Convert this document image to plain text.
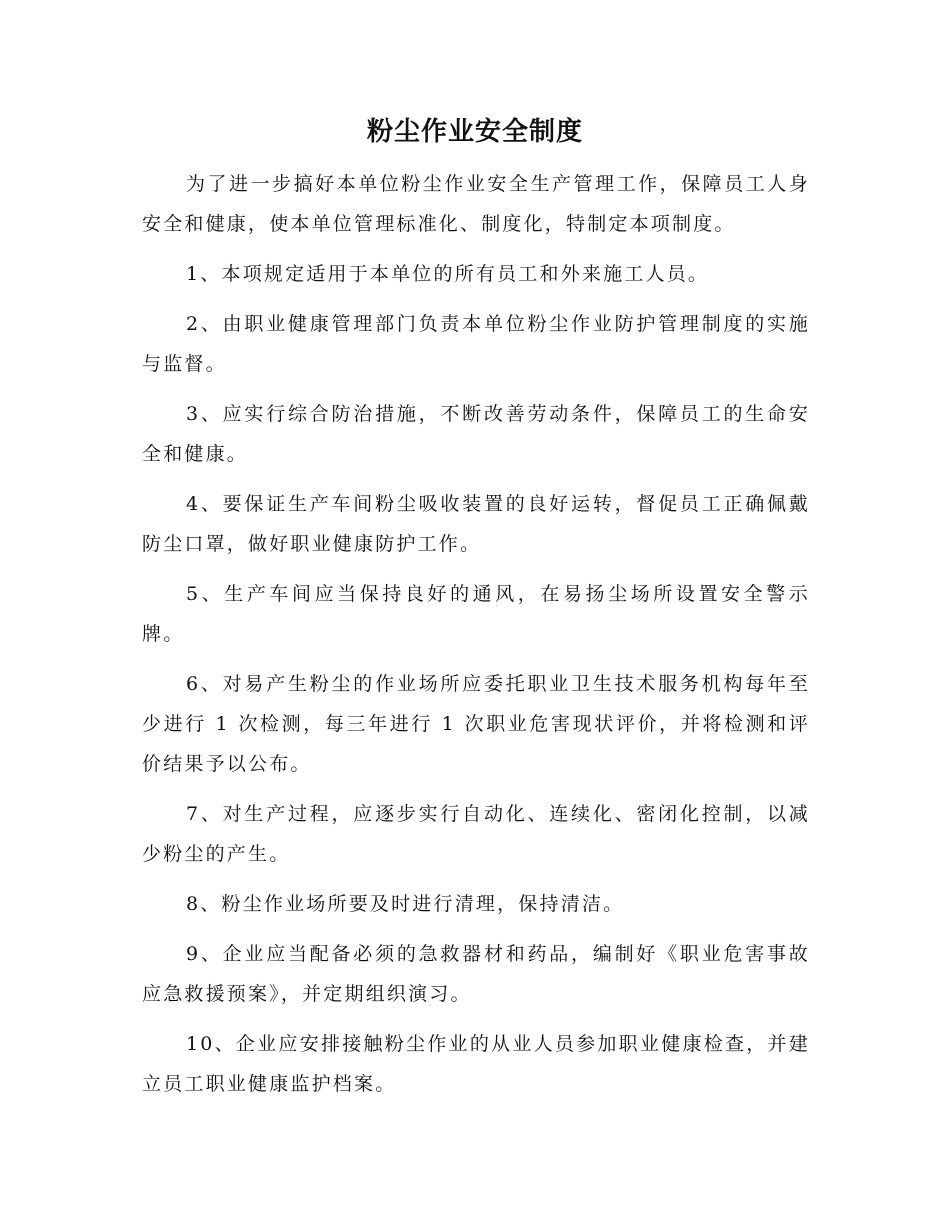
粉尘作业安全制度

为了进一步搞好本单位粉尘作业安全生产管理工作，保障员工人身安全和健康，使本单位管理标准化、制度化，特制定本项制度。

1、本项规定适用于本单位的所有员工和外来施工人员。

2、由职业健康管理部门负责本单位粉尘作业防护管理制度的实施与监督。

3、应实行综合防治措施，不断改善劳动条件，保障员工的生命安全和健康。

4、要保证生产车间粉尘吸收装置的良好运转，督促员工正确佩戴防尘口罩，做好职业健康防护工作。

5、生产车间应当保持良好的通风，在易扬尘场所设置安全警示牌。

6、对易产生粉尘的作业场所应委托职业卫生技术服务机构每年至少进行 1 次检测，每三年进行 1 次职业危害现状评价，并将检测和评价结果予以公布。

7、对生产过程，应逐步实行自动化、连续化、密闭化控制，以减少粉尘的产生。

8、粉尘作业场所要及时进行清理，保持清洁。

9、企业应当配备必须的急救器材和药品，编制好《职业危害事故应急救援预案》，并定期组织演习。

10、企业应安排接触粉尘作业的从业人员参加职业健康检查，并建立员工职业健康监护档案。
